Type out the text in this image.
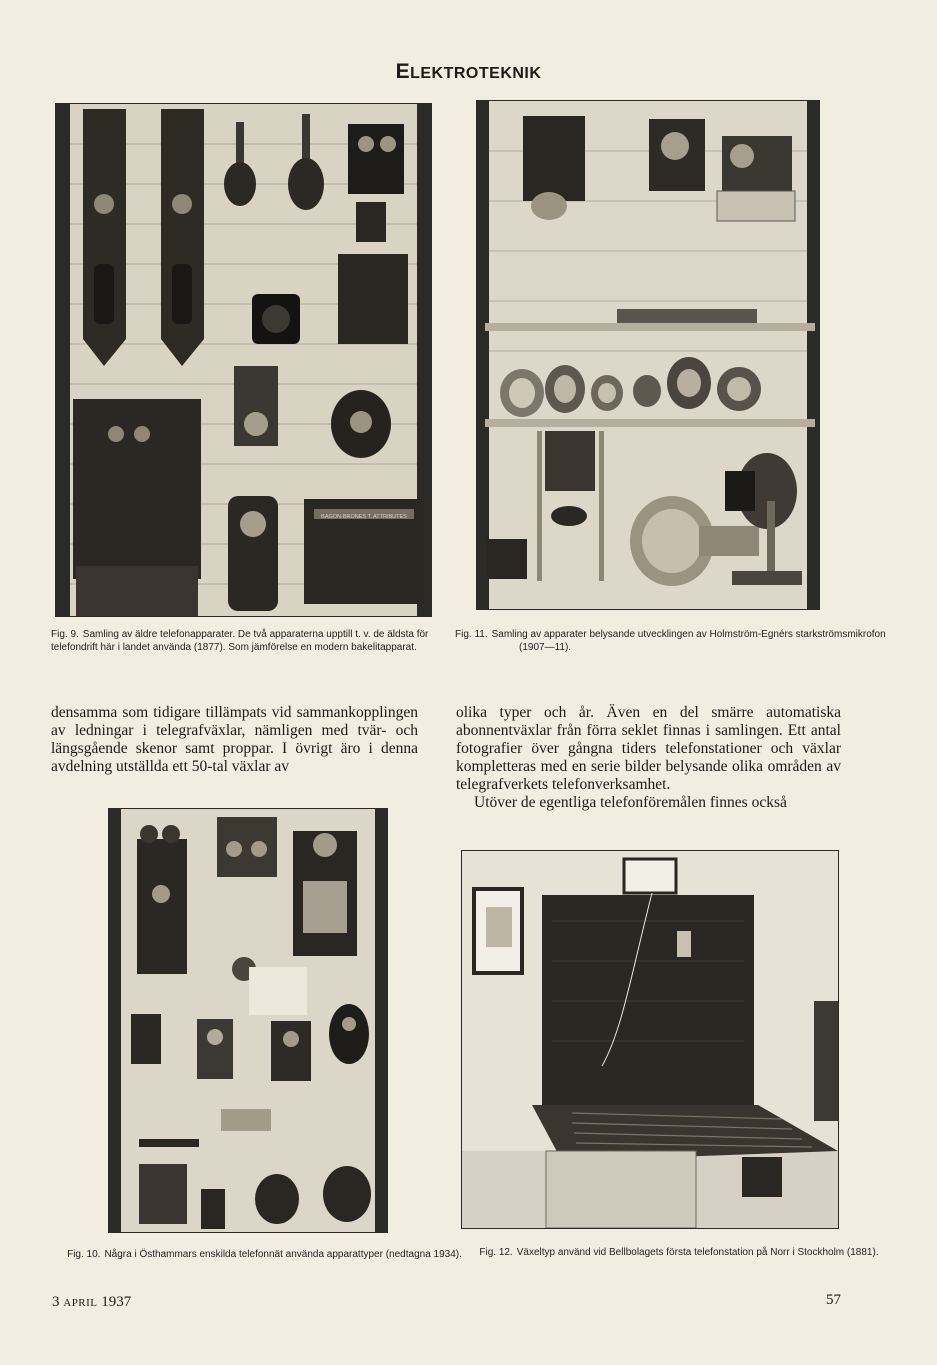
ELEKTROTEKNIK
BAGON-BRONES T. ATTRIBUTES
Fig. 9. Samling av äldre telefonapparater. De två apparaterna upptill t. v. de äldsta för telefondrift här i landet använda (1877). Som jämförelse en modern bakelitapparat.
Fig. 11. Samling av apparater belysande utvecklingen av Holmström-Egnérs starkströmsmikrofon (1907—11).

densamma som tidigare tillämpats vid sammankopplingen av ledningar i telegrafväxlar, nämligen med tvär- och längsgående skenor samt proppar. I övrigt äro i denna avdelning utställda ett 50-tal växlar av

olika typer och år. Även en del smärre automatiska abonnentväxlar från förra seklet finnas i samlingen. Ett antal fotografier över gångna tiders telefonstationer och växlar kompletteras med en serie bilder belysande olika områden av telegrafverkets telefonverksamhet.

Utöver de egentliga telefonföremålen finnes också

Fig. 10. Några i Östhammars enskilda telefonnät använda apparattyper (nedtagna 1934).	Fig. 12. Växeltyp använd vid Bellbolagets första telefonstation på Norr i Stockholm (1881).
3 APRIL 1937	57
